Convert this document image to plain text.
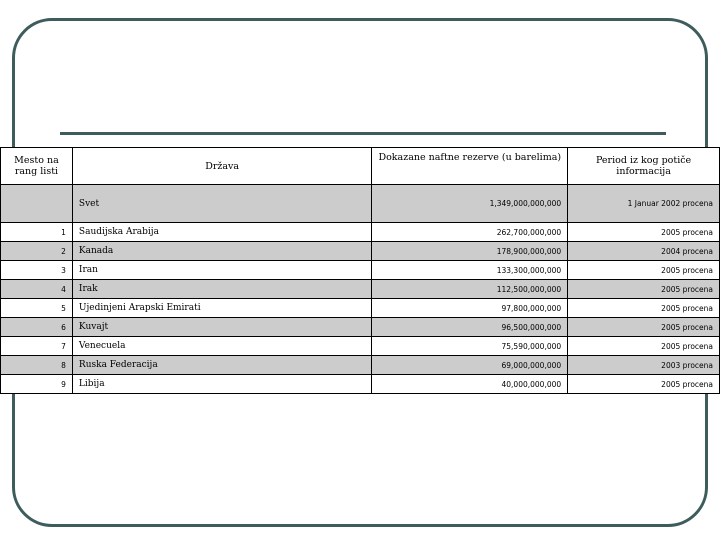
Mesto na rang listi	Država	Dokazane naftne rezerve (u barelima)	Period iz kog potiče informacija
	Svet	1,349,000,000,000	1 Januar 2002 procena
1	Saudijska Arabija	262,700,000,000	2005 procena
2	Kanada	178,900,000,000	2004 procena
3	Iran	133,300,000,000	2005 procena
4	Irak	112,500,000,000	2005 procena
5	Ujedinjeni Arapski Emirati	97,800,000,000	2005 procena
6	Kuvajt	96,500,000,000	2005 procena
7	Venecuela	75,590,000,000	2005 procena
8	Ruska Federacija	69,000,000,000	2003 procena
9	Libija	40,000,000,000	2005 procena
